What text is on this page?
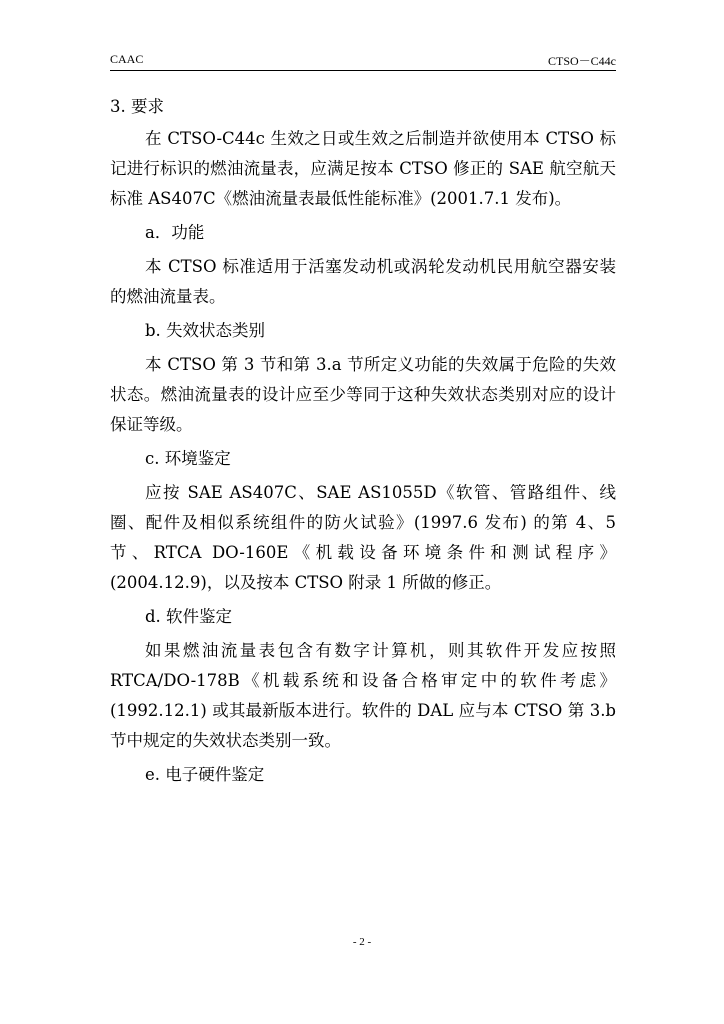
CAAC	CTSO－C44c

3. 要求

在 CTSO-C44c 生效之日或生效之后制造并欲使用本 CTSO 标记进行标识的燃油流量表，应满足按本 CTSO 修正的 SAE 航空航天标准 AS407C《燃油流量表最低性能标准》(2001.7.1 发布)。

a．功能

本 CTSO 标准适用于活塞发动机或涡轮发动机民用航空器安装的燃油流量表。

b. 失效状态类别

本 CTSO 第 3 节和第 3.a 节所定义功能的失效属于危险的失效状态。燃油流量表的设计应至少等同于这种失效状态类别对应的设计保证等级。

c. 环境鉴定

应按 SAE AS407C、SAE AS1055D《软管、管路组件、线圈、配件及相似系统组件的防火试验》(1997.6 发布) 的第 4、5 节、RTCA DO-160E《机载设备环境条件和测试程序》(2004.12.9)，以及按本 CTSO 附录 1 所做的修正。

d. 软件鉴定

如果燃油流量表包含有数字计算机，则其软件开发应按照 RTCA/DO-178B《机载系统和设备合格审定中的软件考虑》(1992.12.1) 或其最新版本进行。软件的 DAL 应与本 CTSO 第 3.b 节中规定的失效状态类别一致。

e. 电子硬件鉴定

- 2 -
